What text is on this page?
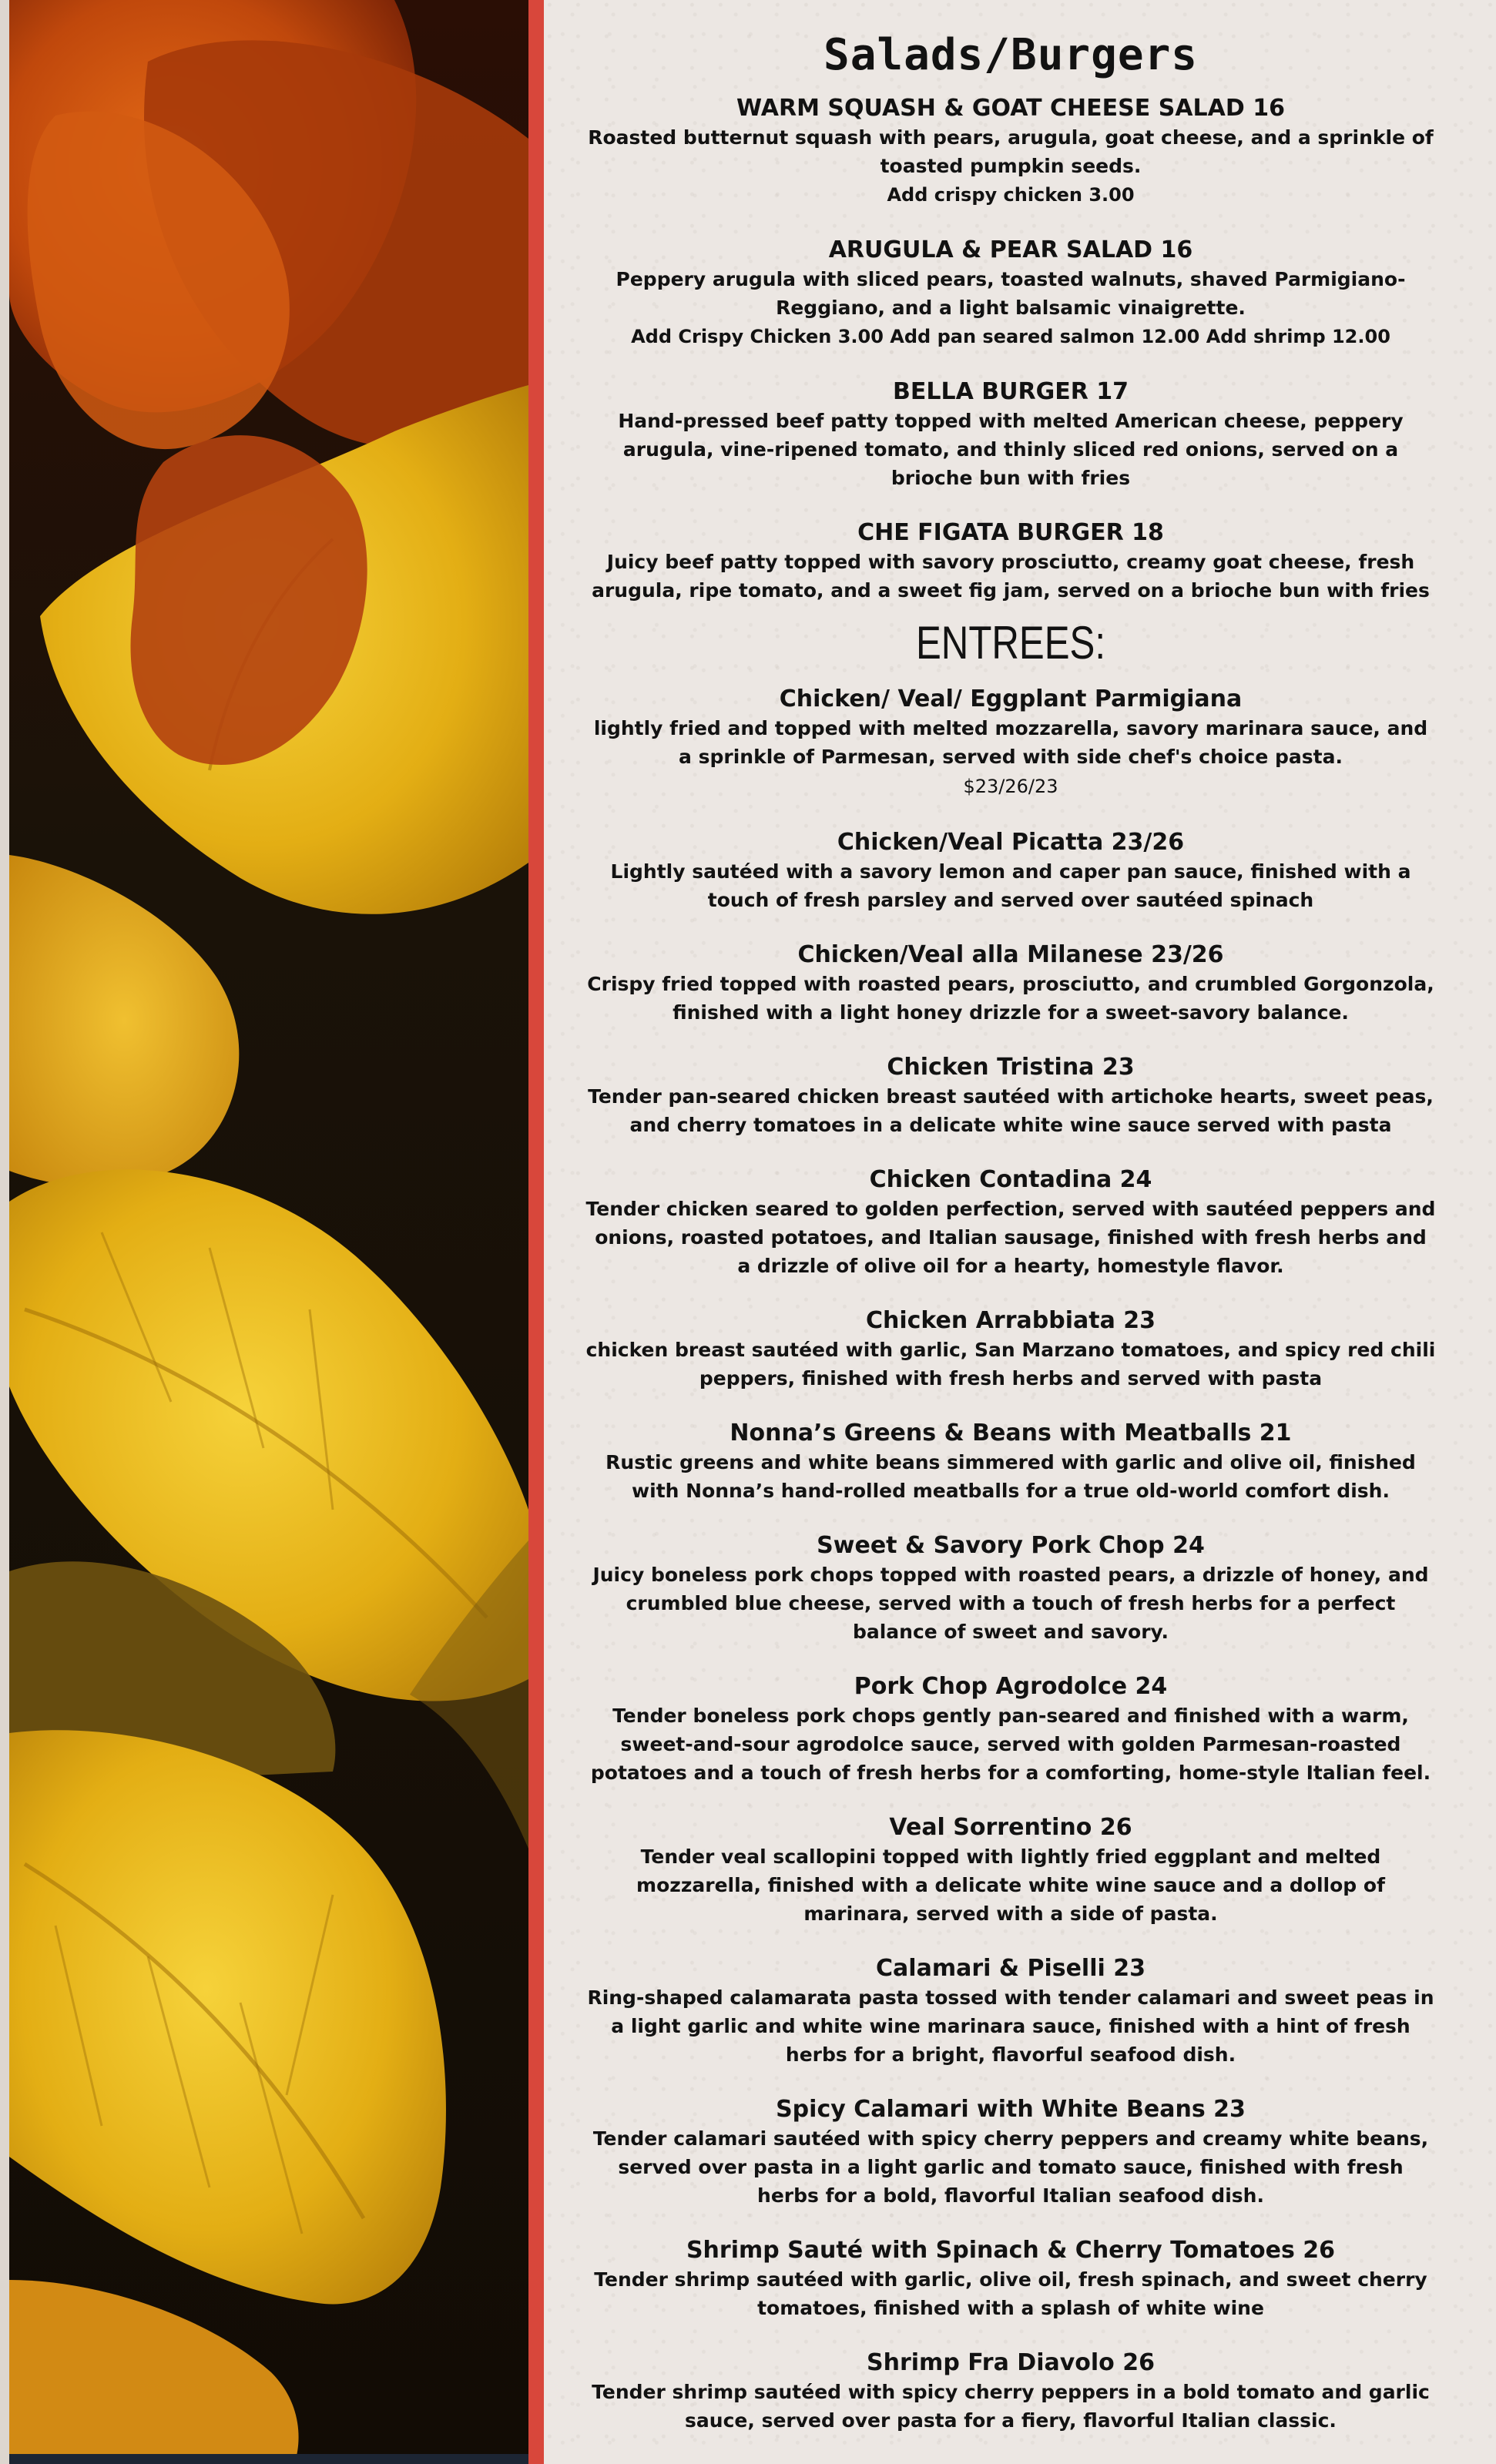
Salads/Burgers
WARM SQUASH & GOAT CHEESE SALAD 16
Roasted butternut squash with pears, arugula, goat cheese, and a sprinkle of toasted pumpkin seeds.
Add crispy chicken 3.00
ARUGULA & PEAR SALAD 16
Peppery arugula with sliced pears, toasted walnuts, shaved Parmigiano-Reggiano, and a light balsamic vinaigrette.
Add Crispy Chicken 3.00 Add pan seared salmon 12.00 Add shrimp 12.00
BELLA BURGER 17
Hand-pressed beef patty topped with melted American cheese, peppery arugula, vine-ripened tomato, and thinly sliced red onions, served on a brioche bun with fries
CHE FIGATA BURGER 18
Juicy beef patty topped with savory prosciutto, creamy goat cheese, fresh arugula, ripe tomato, and a sweet fig jam, served on a brioche bun with fries
ENTREES:
Chicken/ Veal/ Eggplant Parmigiana
lightly fried and topped with melted mozzarella, savory marinara sauce, and a sprinkle of Parmesan, served with side chef's choice pasta.
$23/26/23
Chicken/Veal Picatta 23/26
Lightly sautéed with a savory lemon and caper pan sauce, finished with a touch of fresh parsley and served over sautéed spinach
Chicken/Veal alla Milanese 23/26
Crispy fried topped with roasted pears, prosciutto, and crumbled Gorgonzola, finished with a light honey drizzle for a sweet-savory balance.
Chicken Tristina 23
Tender pan-seared chicken breast sautéed with artichoke hearts, sweet peas, and cherry tomatoes in a delicate white wine sauce served with pasta
Chicken Contadina 24
Tender chicken seared to golden perfection, served with sautéed peppers and onions, roasted potatoes, and Italian sausage, finished with fresh herbs and a drizzle of olive oil for a hearty, homestyle flavor.
Chicken Arrabbiata 23
chicken breast sautéed with garlic, San Marzano tomatoes, and spicy red chili peppers, finished with fresh herbs and served with pasta
Nonna’s Greens & Beans with Meatballs 21
Rustic greens and white beans simmered with garlic and olive oil, finished with Nonna’s hand-rolled meatballs for a true old-world comfort dish.
Sweet & Savory Pork Chop 24
Juicy boneless pork chops topped with roasted pears, a drizzle of honey, and crumbled blue cheese, served with a touch of fresh herbs for a perfect balance of sweet and savory.
Pork Chop Agrodolce 24
Tender boneless pork chops gently pan-seared and finished with a warm, sweet-and-sour agrodolce sauce, served with golden Parmesan-roasted potatoes and a touch of fresh herbs for a comforting, home-style Italian feel.
Veal Sorrentino 26
Tender veal scallopini topped with lightly fried eggplant and melted mozzarella, finished with a delicate white wine sauce and a dollop of marinara, served with a side of pasta.
Calamari & Piselli 23
Ring-shaped calamarata pasta tossed with tender calamari and sweet peas in a light garlic and white wine marinara sauce, finished with a hint of fresh herbs for a bright, flavorful seafood dish.
Spicy Calamari with White Beans 23
Tender calamari sautéed with spicy cherry peppers and creamy white beans, served over pasta in a light garlic and tomato sauce, finished with fresh herbs for a bold, flavorful Italian seafood dish.
Shrimp Sauté with Spinach & Cherry Tomatoes 26
Tender shrimp sautéed with garlic, olive oil, fresh spinach, and sweet cherry tomatoes, finished with a splash of white wine
Shrimp Fra Diavolo 26
Tender shrimp sautéed with spicy cherry peppers in a bold tomato and garlic sauce, served over pasta for a fiery, flavorful Italian classic.
